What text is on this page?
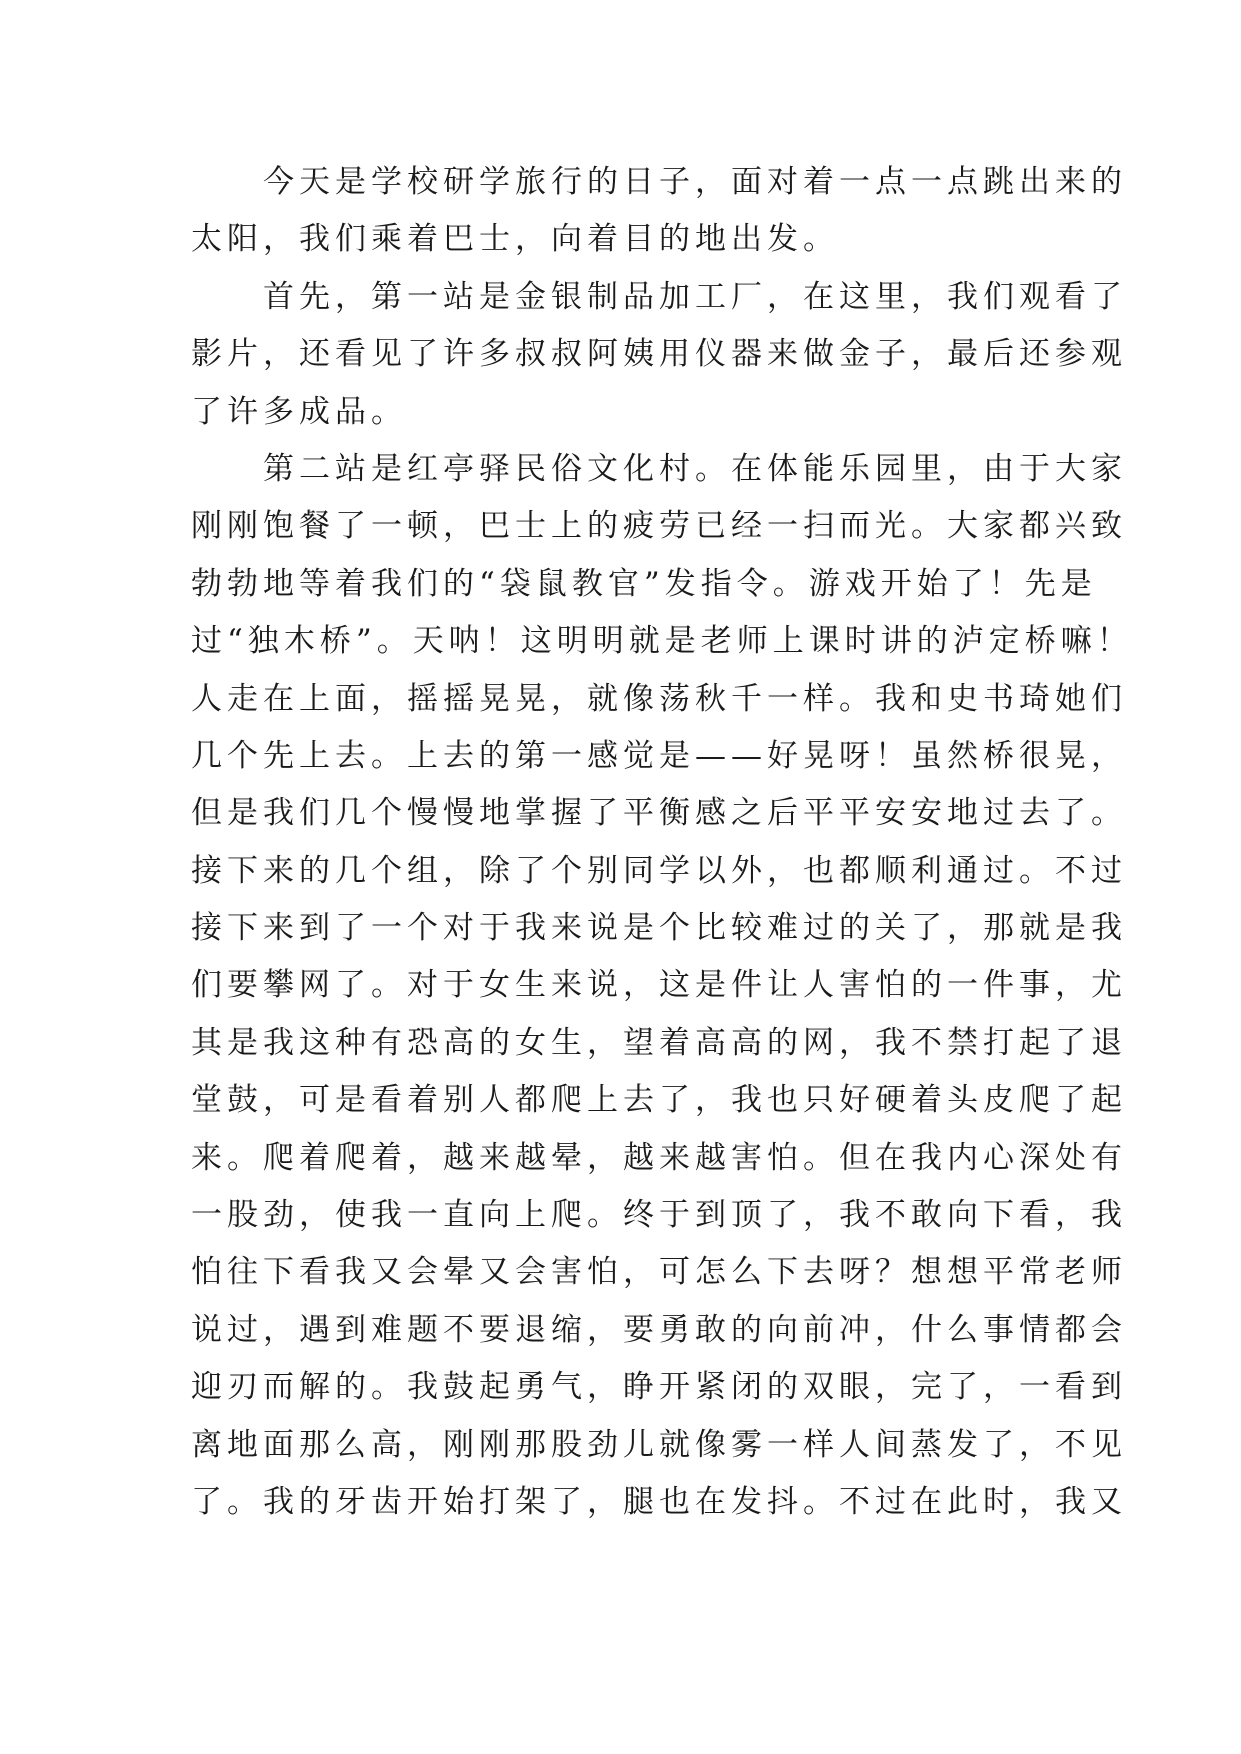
　　今天是学校研学旅行的日子，面对着一点一点跳出来的
太阳，我们乘着巴士，向着目的地出发。
　　首先，第一站是金银制品加工厂，在这里，我们观看了
影片，还看见了许多叔叔阿姨用仪器来做金子，最后还参观
了许多成品。
　　第二站是红亭驿民俗文化村。在体能乐园里，由于大家
刚刚饱餐了一顿，巴士上的疲劳已经一扫而光。大家都兴致
勃勃地等着我们的“袋鼠教官”发指令。游戏开始了！先是
过“独木桥”。天呐！这明明就是老师上课时讲的泸定桥嘛！
人走在上面，摇摇晃晃，就像荡秋千一样。我和史书琦她们
几个先上去。上去的第一感觉是——好晃呀！虽然桥很晃，
但是我们几个慢慢地掌握了平衡感之后平平安安地过去了。
接下来的几个组，除了个别同学以外，也都顺利通过。不过
接下来到了一个对于我来说是个比较难过的关了，那就是我
们要攀网了。对于女生来说，这是件让人害怕的一件事，尤
其是我这种有恐高的女生，望着高高的网，我不禁打起了退
堂鼓，可是看着别人都爬上去了，我也只好硬着头皮爬了起
来。爬着爬着，越来越晕，越来越害怕。但在我内心深处有
一股劲，使我一直向上爬。终于到顶了，我不敢向下看，我
怕往下看我又会晕又会害怕，可怎么下去呀？想想平常老师
说过，遇到难题不要退缩，要勇敢的向前冲，什么事情都会
迎刃而解的。我鼓起勇气，睁开紧闭的双眼，完了，一看到
离地面那么高，刚刚那股劲儿就像雾一样人间蒸发了，不见
了。我的牙齿开始打架了，腿也在发抖。不过在此时，我又
